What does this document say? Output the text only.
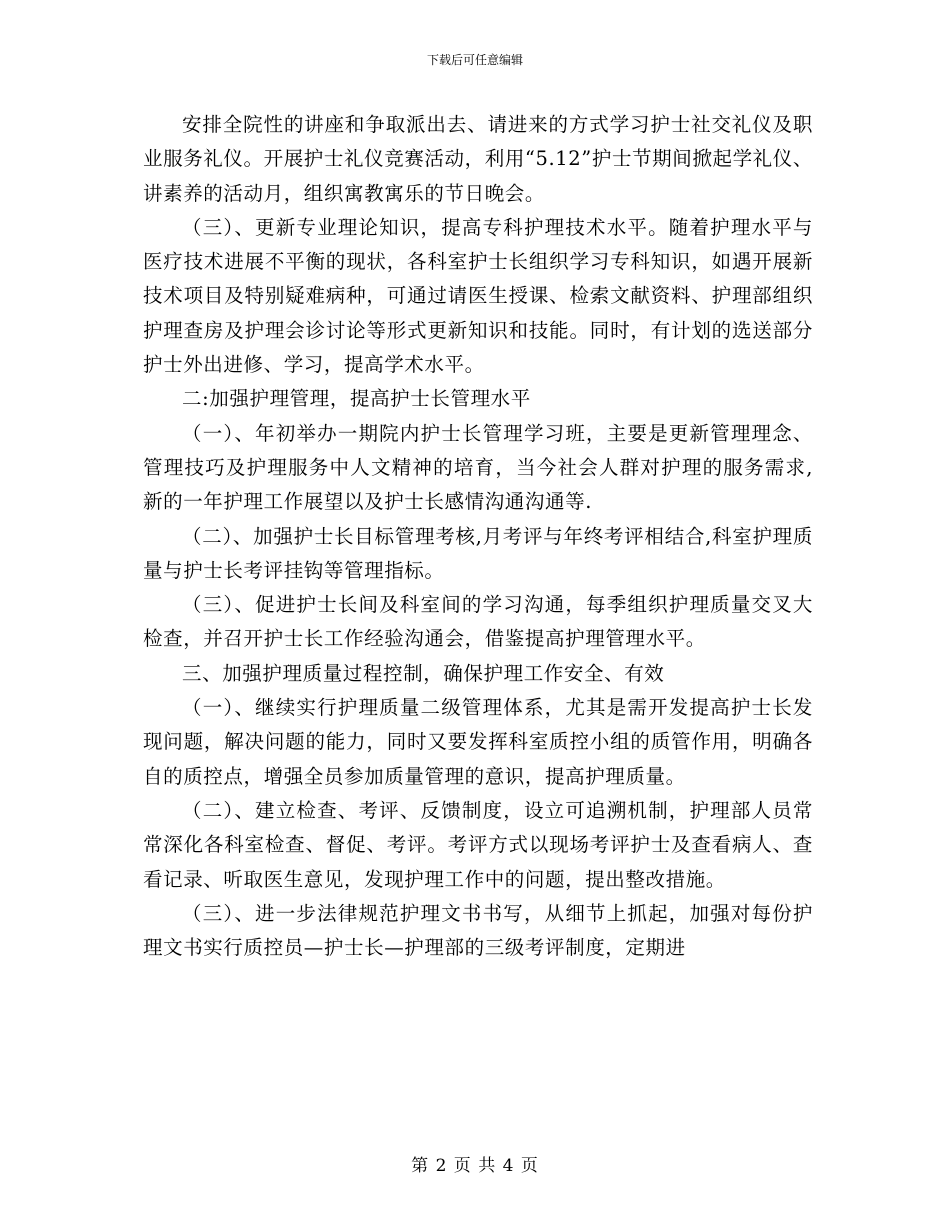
下载后可任意编辑

安排全院性的讲座和争取派出去、请进来的方式学习护士社交礼仪及职业服务礼仪。开展护士礼仪竞赛活动，利用“5.12”护士节期间掀起学礼仪、讲素养的活动月，组织寓教寓乐的节日晚会。

（三）、更新专业理论知识，提高专科护理技术水平。随着护理水平与医疗技术进展不平衡的现状，各科室护士长组织学习专科知识，如遇开展新技术项目及特别疑难病种，可通过请医生授课、检索文献资料、护理部组织护理查房及护理会诊讨论等形式更新知识和技能。同时，有计划的选送部分护士外出进修、学习，提高学术水平。

二:加强护理管理，提高护士长管理水平

（一）、年初举办一期院内护士长管理学习班，主要是更新管理理念、管理技巧及护理服务中人文精神的培育，当今社会人群对护理的服务需求,新的一年护理工作展望以及护士长感情沟通沟通等.

（二）、加强护士长目标管理考核,月考评与年终考评相结合,科室护理质量与护士长考评挂钩等管理指标。

（三）、促进护士长间及科室间的学习沟通，每季组织护理质量交叉大检查，并召开护士长工作经验沟通会，借鉴提高护理管理水平。

三、加强护理质量过程控制，确保护理工作安全、有效

（一）、继续实行护理质量二级管理体系，尤其是需开发提高护士长发现问题，解决问题的能力，同时又要发挥科室质控小组的质管作用，明确各自的质控点，增强全员参加质量管理的意识，提高护理质量。

（二）、建立检查、考评、反馈制度，设立可追溯机制，护理部人员常常深化各科室检查、督促、考评。考评方式以现场考评护士及查看病人、查看记录、听取医生意见，发现护理工作中的问题，提出整改措施。

（三）、进一步法律规范护理文书书写，从细节上抓起，加强对每份护理文书实行质控员—护士长—护理部的三级考评制度，定期进

第 2 页 共 4 页
